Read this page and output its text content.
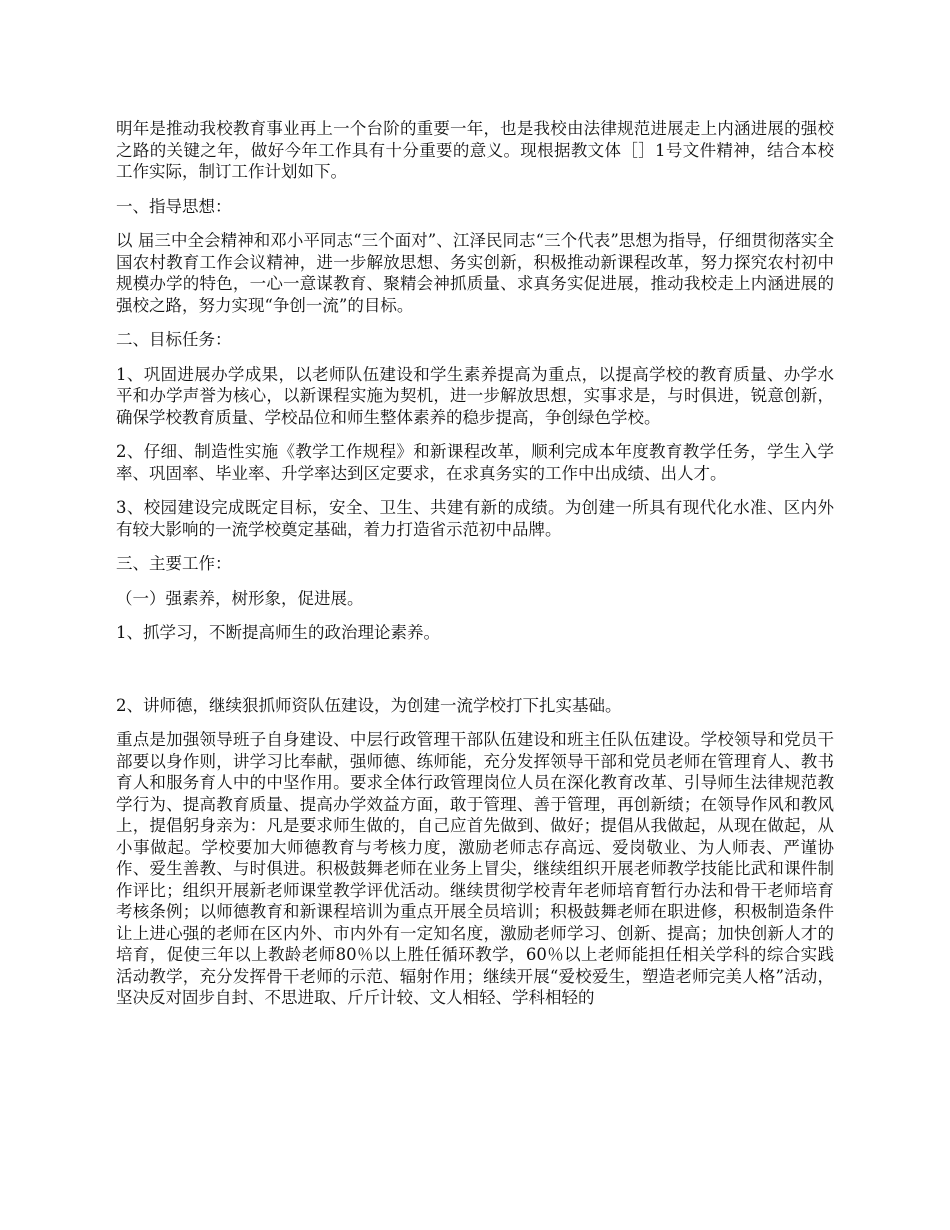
明年是推动我校教育事业再上一个台阶的重要一年，也是我校由法律规范进展走上内涵进展的强校之路的关键之年，做好今年工作具有十分重要的意义。现根据教文体［］1号文件精神，结合本校工作实际，制订工作计划如下。

一、指导思想：

以 届三中全会精神和邓小平同志“三个面对”、江泽民同志“三个代表”思想为指导，仔细贯彻落实全国农村教育工作会议精神，进一步解放思想、务实创新，积极推动新课程改革，努力探究农村初中规模办学的特色，一心一意谋教育、聚精会神抓质量、求真务实促进展，推动我校走上内涵进展的强校之路，努力实现“争创一流”的目标。

二、目标任务：

1、巩固进展办学成果，以老师队伍建设和学生素养提高为重点，以提高学校的教育质量、办学水平和办学声誉为核心，以新课程实施为契机，进一步解放思想，实事求是，与时俱进，锐意创新，确保学校教育质量、学校品位和师生整体素养的稳步提高，争创绿色学校。

2、仔细、制造性实施《教学工作规程》和新课程改革，顺利完成本年度教育教学任务，学生入学率、巩固率、毕业率、升学率达到区定要求，在求真务实的工作中出成绩、出人才。

3、校园建设完成既定目标，安全、卫生、共建有新的成绩。为创建一所具有现代化水准、区内外有较大影响的一流学校奠定基础，着力打造省示范初中品牌。

三、主要工作：

（一）强素养，树形象，促进展。

1、抓学习，不断提高师生的政治理论素养。

2、讲师德，继续狠抓师资队伍建设，为创建一流学校打下扎实基础。

重点是加强领导班子自身建设、中层行政管理干部队伍建设和班主任队伍建设。学校领导和党员干部要以身作则，讲学习比奉献，强师德、练师能，充分发挥领导干部和党员老师在管理育人、教书育人和服务育人中的中坚作用。要求全体行政管理岗位人员在深化教育改革、引导师生法律规范教学行为、提高教育质量、提高办学效益方面，敢于管理、善于管理，再创新绩；在领导作风和教风上，提倡躬身亲为：凡是要求师生做的，自己应首先做到、做好；提倡从我做起，从现在做起，从小事做起。学校要加大师德教育与考核力度，激励老师志存高远、爱岗敬业、为人师表、严谨协作、爱生善教、与时俱进。积极鼓舞老师在业务上冒尖，继续组织开展老师教学技能比武和课件制作评比；组织开展新老师课堂教学评优活动。继续贯彻学校青年老师培育暂行办法和骨干老师培育考核条例；以师德教育和新课程培训为重点开展全员培训；积极鼓舞老师在职进修，积极制造条件让上进心强的老师在区内外、市内外有一定知名度，激励老师学习、创新、提高；加快创新人才的培育，促使三年以上教龄老师80％以上胜任循环教学，60％以上老师能担任相关学科的综合实践活动教学，充分发挥骨干老师的示范、辐射作用；继续开展“爱校爱生，塑造老师完美人格”活动，坚决反对固步自封、不思进取、斤斤计较、文人相轻、学科相轻的
